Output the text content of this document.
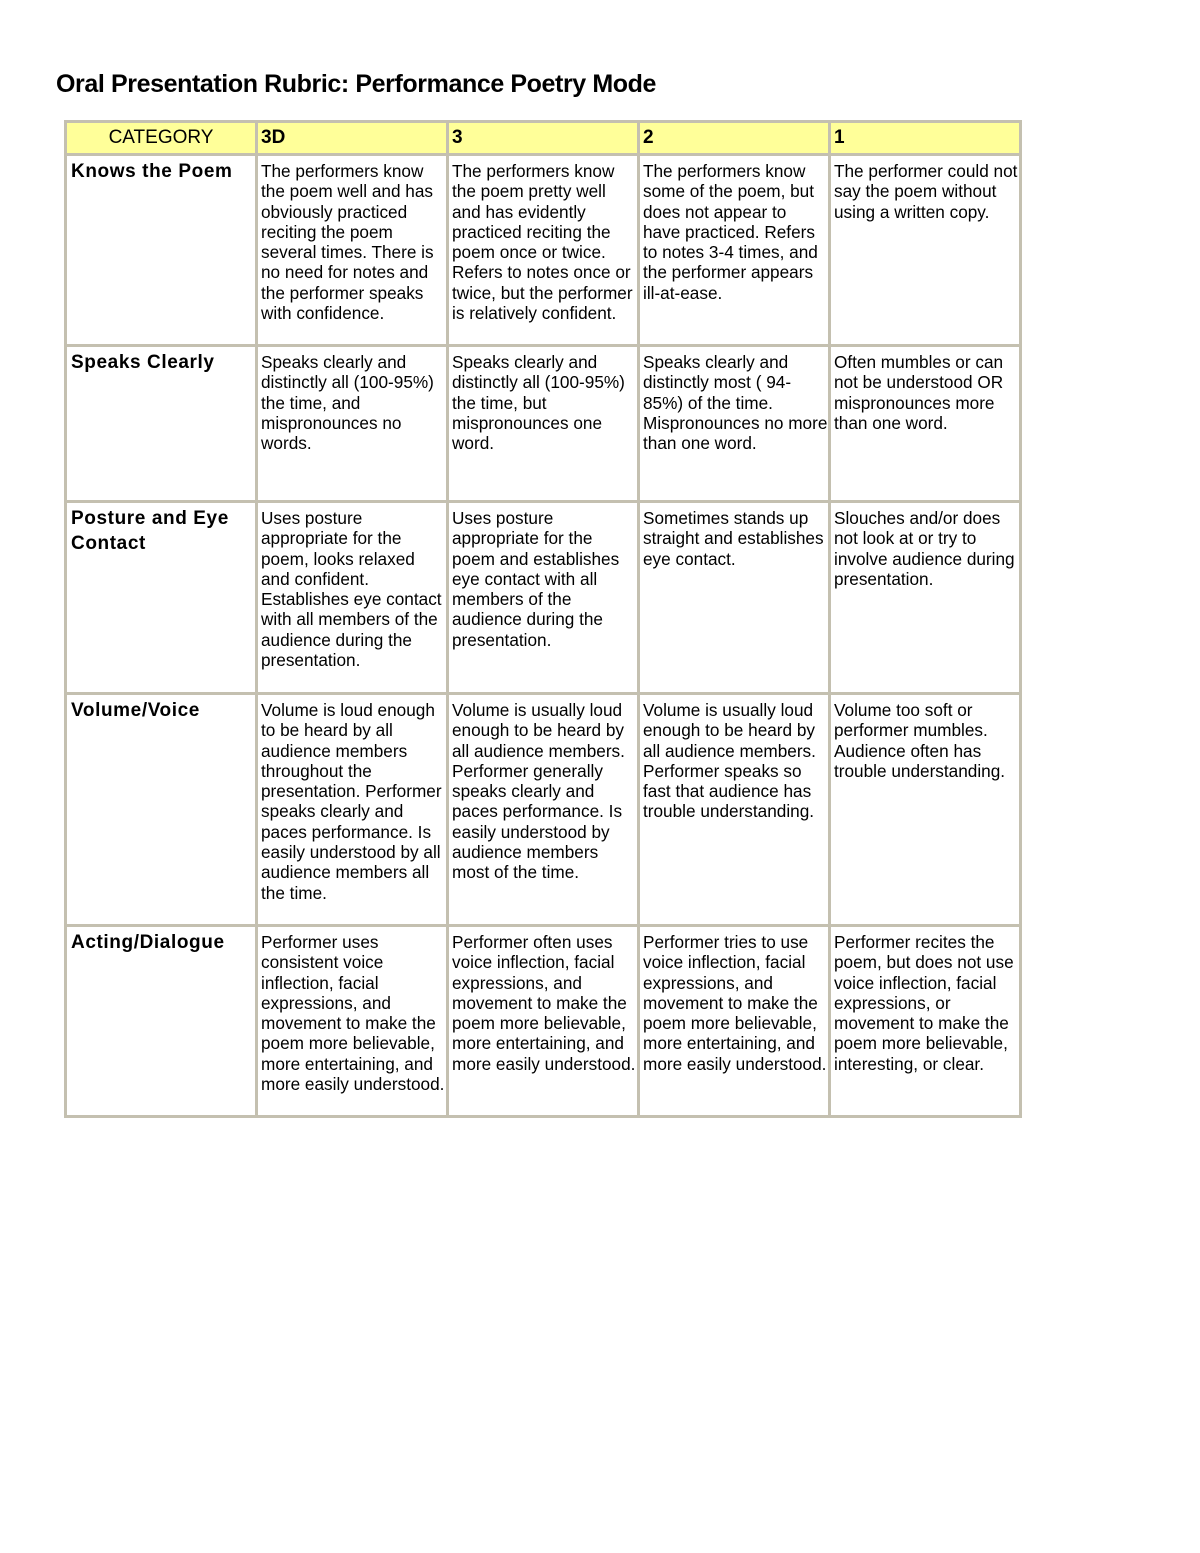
Oral Presentation Rubric: Performance Poetry Mode
CATEGORY	3D	3	2	1
Knows the Poem	The performers know the poem well and has obviously practiced reciting the poem several times. There is no need for notes and the performer speaks with confidence.	The performers know the poem pretty well and has evidently practiced reciting the poem once or twice. Refers to notes once or twice, but the performer is relatively confident.	The performers know some of the poem, but does not appear to have practiced. Refers to notes 3-4 times, and the performer appears ill-at-ease.	The performer could not say the poem without using a written copy.
Speaks Clearly	Speaks clearly and distinctly all (100-95%) the time, and mispronounces no words.	Speaks clearly and distinctly all (100-95%) the time, but mispronounces one word.	Speaks clearly and distinctly most ( 94-85%) of the time. Mispronounces no more than one word.	Often mumbles or can not be understood OR mispronounces more than one word.
Posture and Eye Contact	Uses posture appropriate for the poem, looks relaxed and confident. Establishes eye contact with all members of the audience during the presentation.	Uses posture appropriate for the poem and establishes eye contact with all members of the audience during the presentation.	Sometimes stands up straight and establishes eye contact.	Slouches and/or does not look at or try to involve audience during presentation.
Volume/Voice	Volume is loud enough to be heard by all audience members throughout the presentation. Performer speaks clearly and paces performance. Is easily understood by all audience members all the time.	Volume is usually loud enough to be heard by all audience members. Performer generally speaks clearly and paces performance. Is easily understood by audience members most of the time.	Volume is usually loud enough to be heard by all audience members. Performer speaks so fast that audience has trouble understanding.	Volume too soft or performer mumbles. Audience often has trouble understanding.
Acting/Dialogue	Performer uses consistent voice inflection, facial expressions, and movement to make the poem more believable, more entertaining, and more easily understood.	Performer often uses voice inflection, facial expressions, and movement to make the poem more believable, more entertaining, and more easily understood.	Performer tries to use voice inflection, facial expressions, and movement to make the poem more believable, more entertaining, and more easily understood.	Performer recites the poem, but does not use voice inflection, facial expressions, or movement to make the poem more believable, interesting, or clear.
